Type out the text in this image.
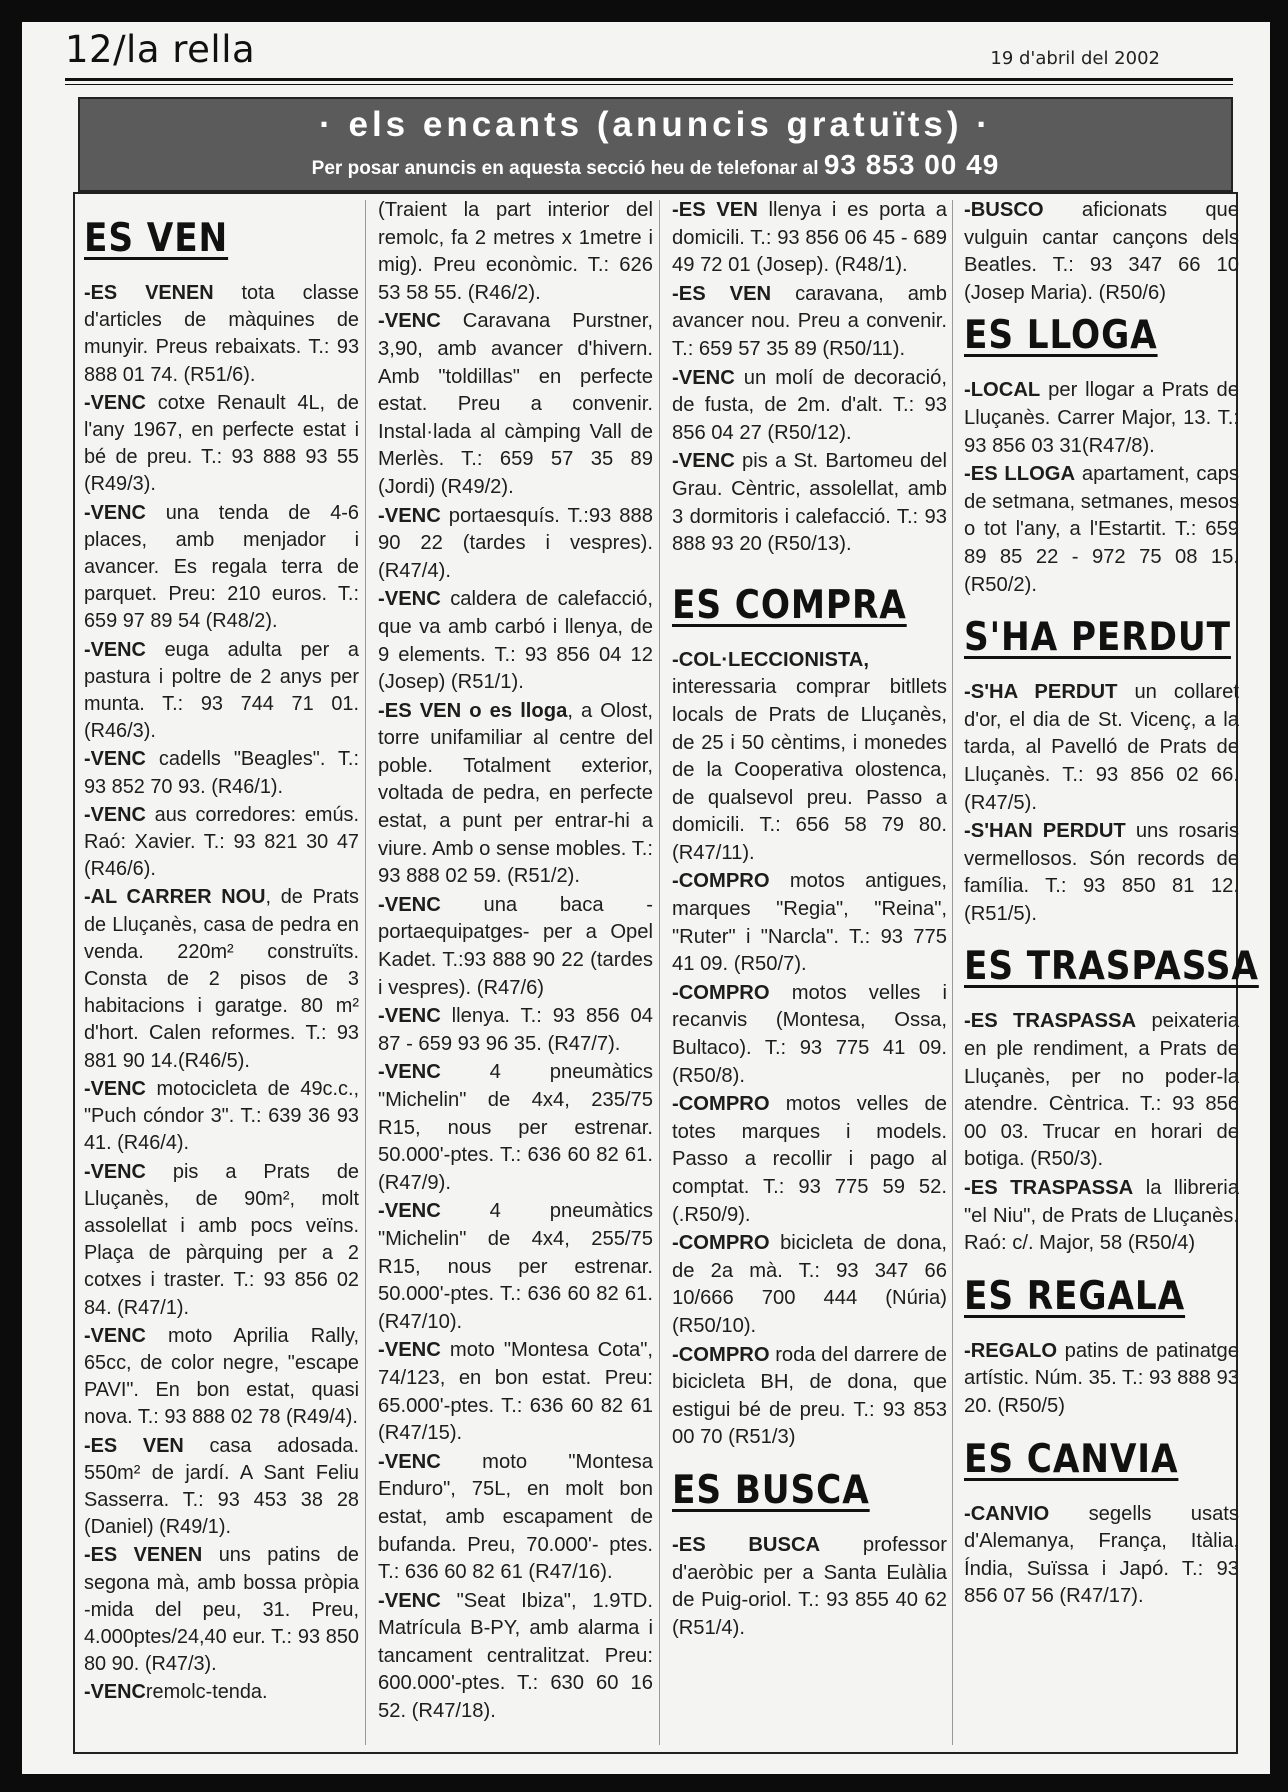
12/la rella	19 d'abril del 2002
· els encants (anuncis gratuïts) ·
Per posar anuncis en aquesta secció heu de telefonar al 93 853 00 49
ES VEN

-ES VENEN tota classe d'articles de màquines de munyir. Preus rebaixats. T.: 93 888 01 74. (R51/6).

-VENC cotxe Renault 4L, de l'any 1967, en perfecte estat i bé de preu. T.: 93 888 93 55 (R49/3).

-VENC una tenda de 4-6 places, amb menjador i avancer. Es regala terra de parquet. Preu: 210 euros. T.: 659 97 89 54 (R48/2).

-VENC euga adulta per a pastura i poltre de 2 anys per munta. T.: 93 744 71 01. (R46/3).

-VENC cadells "Beagles". T.: 93 852 70 93. (R46/1).

-VENC aus corredores: emús. Raó: Xavier. T.: 93 821 30 47 (R46/6).

-AL CARRER NOU, de Prats de Lluçanès, casa de pedra en venda. 220m² construïts. Consta de 2 pisos de 3 habitacions i garatge. 80 m² d'hort. Calen reformes. T.: 93 881 90 14.(R46/5).

-VENC motocicleta de 49c.c., "Puch cóndor 3". T.: 639 36 93 41. (R46/4).

-VENC pis a Prats de Lluçanès, de 90m², molt assolellat i amb pocs veïns. Plaça de pàrquing per a 2 cotxes i traster. T.: 93 856 02 84. (R47/1).

-VENC moto Aprilia Rally, 65cc, de color negre, "escape PAVI". En bon estat, quasi nova. T.: 93 888 02 78 (R49/4).

-ES VEN casa adosada. 550m² de jardí. A Sant Feliu Sasserra. T.: 93 453 38 28 (Daniel) (R49/1).

-ES VENEN uns patins de segona mà, amb bossa pròpia -mida del peu, 31. Preu, 4.000ptes/24,40 eur. T.: 93 850 80 90. (R47/3).

-VENCremolc-tenda.

(Traient la part interior del remolc, fa 2 metres x 1metre i mig). Preu econòmic. T.: 626 53 58 55. (R46/2).

-VENC Caravana Purstner, 3,90, amb avancer d'hivern. Amb "toldillas" en perfecte estat. Preu a convenir. Instal·lada al càmping Vall de Merlès. T.: 659 57 35 89 (Jordi) (R49/2).

-VENC portaesquís. T.:93 888 90 22 (tardes i vespres). (R47/4).

-VENC caldera de calefacció, que va amb carbó i llenya, de 9 elements. T.: 93 856 04 12 (Josep) (R51/1).

-ES VEN o es lloga, a Olost, torre unifamiliar al centre del poble. Totalment exterior, voltada de pedra, en perfecte estat, a punt per entrar-hi a viure. Amb o sense mobles. T.: 93 888 02 59. (R51/2).

-VENC una baca -portaequipatges- per a Opel Kadet. T.:93 888 90 22 (tardes i vespres). (R47/6)

-VENC llenya. T.: 93 856 04 87 - 659 93 96 35. (R47/7).

-VENC 4 pneumàtics "Michelin" de 4x4, 235/75 R15, nous per estrenar. 50.000'-ptes. T.: 636 60 82 61. (R47/9).

-VENC 4 pneumàtics "Michelin" de 4x4, 255/75 R15, nous per estrenar. 50.000'-ptes. T.: 636 60 82 61. (R47/10).

-VENC moto "Montesa Cota", 74/123, en bon estat. Preu: 65.000'-ptes. T.: 636 60 82 61 (R47/15).

-VENC moto "Montesa Enduro", 75L, en molt bon estat, amb escapament de bufanda. Preu, 70.000'- ptes. T.: 636 60 82 61 (R47/16).

-VENC "Seat Ibiza", 1.9TD. Matrícula B-PY, amb alarma i tancament centralitzat. Preu: 600.000'-ptes. T.: 630 60 16 52. (R47/18).

-ES VEN llenya i es porta a domicili. T.: 93 856 06 45 - 689 49 72 01 (Josep). (R48/1).

-ES VEN caravana, amb avancer nou. Preu a convenir. T.: 659 57 35 89 (R50/11).

-VENC un molí de decoració, de fusta, de 2m. d'alt. T.: 93 856 04 27 (R50/12).

-VENC pis a St. Bartomeu del Grau. Cèntric, assolellat, amb 3 dormitoris i calefacció. T.: 93 888 93 20 (R50/13).

ES COMPRA

-COL·LECCIONISTA, interessaria comprar bitllets locals de Prats de Lluçanès, de 25 i 50 cèntims, i monedes de la Cooperativa olostenca, de qualsevol preu. Passo a domicili. T.: 656 58 79 80. (R47/11).

-COMPRO motos antigues, marques "Regia", "Reina", "Ruter" i "Narcla". T.: 93 775 41 09. (R50/7).

-COMPRO motos velles i recanvis (Montesa, Ossa, Bultaco). T.: 93 775 41 09.(R50/8).

-COMPRO motos velles de totes marques i models. Passo a recollir i pago al comptat. T.: 93 775 59 52. (.R50/9).

-COMPRO bicicleta de dona, de 2a mà. T.: 93 347 66 10/666 700 444 (Núria) (R50/10).

-COMPRO roda del darrere de bicicleta BH, de dona, que estigui bé de preu. T.: 93 853 00 70 (R51/3)

ES BUSCA

-ES BUSCA professor d'aeròbic per a Santa Eulàlia de Puig-oriol. T.: 93 855 40 62 (R51/4).

-BUSCO aficionats que vulguin cantar cançons dels Beatles. T.: 93 347 66 10 (Josep Maria). (R50/6)

ES LLOGA

-LOCAL per llogar a Prats de Lluçanès. Carrer Major, 13. T.: 93 856 03 31(R47/8).

-ES LLOGA apartament, caps de setmana, setmanes, mesos o tot l'any, a l'Estartit. T.: 659 89 85 22 - 972 75 08 15. (R50/2).

S'HA PERDUT

-S'HA PERDUT un collaret d'or, el dia de St. Vicenç, a la tarda, al Pavelló de Prats de Lluçanès. T.: 93 856 02 66. (R47/5).

-S'HAN PERDUT uns rosaris vermellosos. Són records de família. T.: 93 850 81 12. (R51/5).

ES TRASPASSA

-ES TRASPASSA peixateria en ple rendiment, a Prats de Lluçanès, per no poder-la atendre. Cèntrica. T.: 93 856 00 03. Trucar en horari de botiga. (R50/3).

-ES TRASPASSA la llibreria "el Niu", de Prats de Lluçanès. Raó: c/. Major, 58 (R50/4)

ES REGALA

-REGALO patins de patinatge artístic. Núm. 35. T.: 93 888 93 20. (R50/5)

ES CANVIA

-CANVIO segells usats d'Alemanya, França, Itàlia, Índia, Suïssa i Japó. T.: 93 856 07 56 (R47/17).
